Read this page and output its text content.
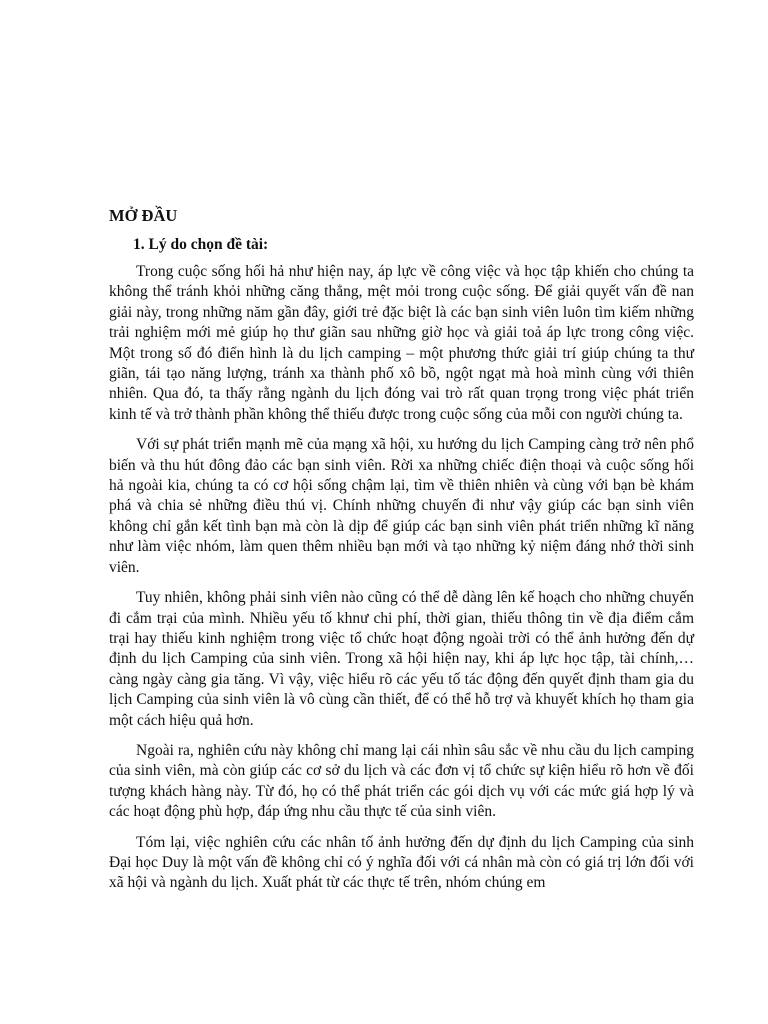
MỞ ĐẦU
1. Lý do chọn đề tài:

Trong cuộc sống hối hả như hiện nay, áp lực về công việc và học tập khiến cho chúng ta không thể tránh khỏi những căng thẳng, mệt mỏi trong cuộc sống. Để giải quyết vấn đề nan giải này, trong những năm gần đây, giới trẻ đặc biệt là các bạn sinh viên luôn tìm kiếm những trải nghiệm mới mẻ giúp họ thư giãn sau những giờ học và giải toả áp lực trong công việc. Một trong số đó điển hình là du lịch camping – một phương thức giải trí giúp chúng ta thư giãn, tái tạo năng lượng, tránh xa thành phố xô bồ, ngột ngạt mà hoà mình cùng với thiên nhiên. Qua đó, ta thấy rằng ngành du lịch đóng vai trò rất quan trọng trong việc phát triển kinh tế và trở thành phần không thể thiếu được trong cuộc sống của mỗi con người chúng ta.

Với sự phát triển mạnh mẽ của mạng xã hội, xu hướng du lịch Camping càng trở nên phổ biến và thu hút đông đảo các bạn sinh viên. Rời xa những chiếc điện thoại và cuộc sống hối hả ngoài kia, chúng ta có cơ hội sống chậm lại, tìm về thiên nhiên và cùng với bạn bè khám phá và chia sẻ những điều thú vị. Chính những chuyến đi như vậy giúp các bạn sinh viên không chỉ gắn kết tình bạn mà còn là dịp để giúp các bạn sinh viên phát triển những kĩ năng như làm việc nhóm, làm quen thêm nhiều bạn mới và tạo những kỷ niệm đáng nhớ thời sinh viên.

Tuy nhiên, không phải sinh viên nào cũng có thể dễ dàng lên kế hoạch cho những chuyến đi cắm trại của mình. Nhiều yếu tố khnư chi phí, thời gian, thiếu thông tin về địa điểm cắm trại hay thiếu kinh nghiệm trong việc tổ chức hoạt động ngoài trời có thể ảnh hưởng đến dự định du lịch Camping của sinh viên. Trong xã hội hiện nay, khi áp lực học tập, tài chính,… càng ngày càng gia tăng. Vì vậy, việc hiểu rõ các yếu tố tác động đến quyết định tham gia du lịch Camping của sinh viên là vô cùng cần thiết, để có thể hỗ trợ và khuyết khích họ tham gia một cách hiệu quả hơn.

Ngoài ra, nghiên cứu này không chỉ mang lại cái nhìn sâu sắc về nhu cầu du lịch camping của sinh viên, mà còn giúp các cơ sở du lịch và các đơn vị tổ chức sự kiện hiểu rõ hơn về đối tượng khách hàng này. Từ đó, họ có thể phát triển các gói dịch vụ với các mức giá hợp lý và các hoạt động phù hợp, đáp ứng nhu cầu thực tế của sinh viên.

Tóm lại, việc nghiên cứu các nhân tố ảnh hưởng đến dự định du lịch Camping của sinh Đại học Duy là một vấn đề không chỉ có ý nghĩa đối với cá nhân mà còn có giá trị lớn đối với xã hội và ngành du lịch. Xuất phát từ các thực tế trên, nhóm chúng em
